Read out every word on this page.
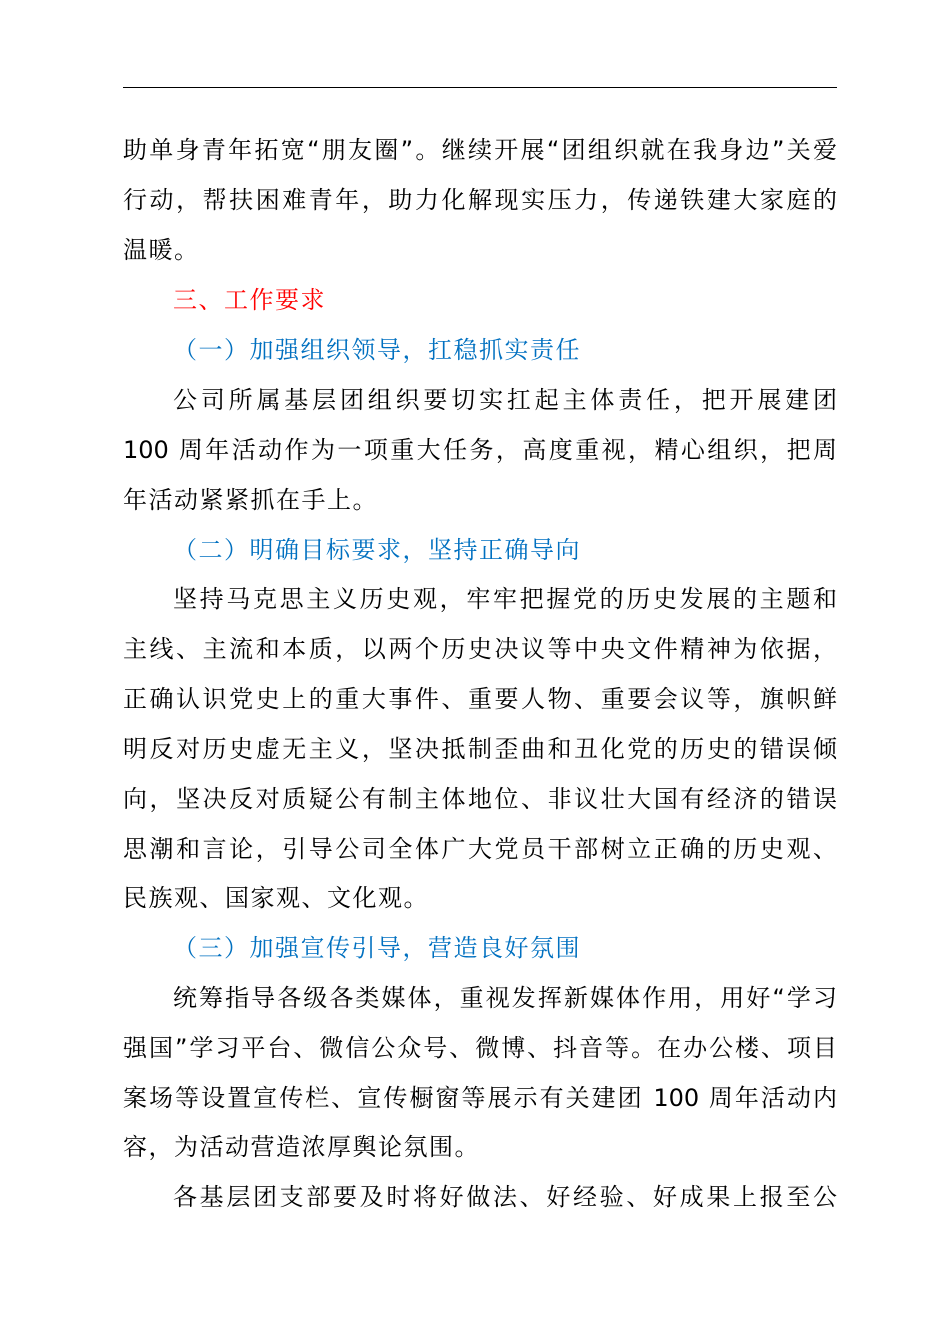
助单身青年拓宽“朋友圈”。继续开展“团组织就在我身边”关爱
行动，帮扶困难青年，助力化解现实压力，传递铁建大家庭的
温暖。
三、工作要求
（一）加强组织领导，扛稳抓实责任
公司所属基层团组织要切实扛起主体责任，把开展建团
100 周年活动作为一项重大任务，高度重视，精心组织，把周
年活动紧紧抓在手上。
（二）明确目标要求，坚持正确导向
坚持马克思主义历史观，牢牢把握党的历史发展的主题和
主线、主流和本质，以两个历史决议等中央文件精神为依据，
正确认识党史上的重大事件、重要人物、重要会议等，旗帜鲜
明反对历史虚无主义，坚决抵制歪曲和丑化党的历史的错误倾
向，坚决反对质疑公有制主体地位、非议壮大国有经济的错误
思潮和言论，引导公司全体广大党员干部树立正确的历史观、
民族观、国家观、文化观。
（三）加强宣传引导，营造良好氛围
统筹指导各级各类媒体，重视发挥新媒体作用，用好“学习
强国”学习平台、微信公众号、微博、抖音等。在办公楼、项目
案场等设置宣传栏、宣传橱窗等展示有关建团 100 周年活动内
容，为活动营造浓厚舆论氛围。
各基层团支部要及时将好做法、好经验、好成果上报至公
